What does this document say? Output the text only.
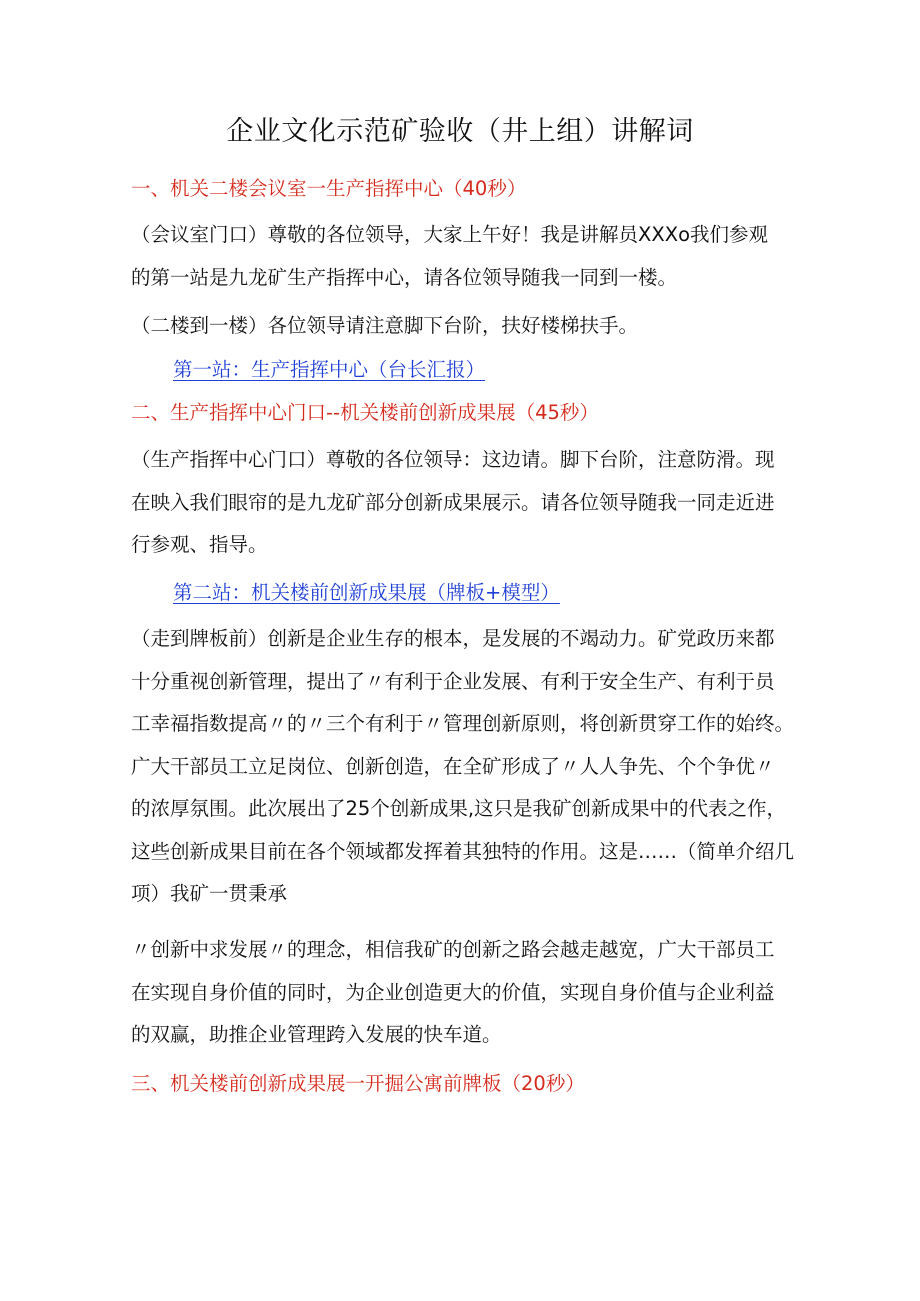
企业文化示范矿验收（井上组）讲解词
一、机关二楼会议室一生产指挥中心（40秒）
（会议室门口）尊敬的各位领导，大家上午好！我是讲解员XXXo我们参观
的第一站是九龙矿生产指挥中心，请各位领导随我一同到一楼。
（二楼到一楼）各位领导请注意脚下台阶，扶好楼梯扶手。
第一站：生产指挥中心（台长汇报）
二、生产指挥中心门口--机关楼前创新成果展（45秒）
（生产指挥中心门口）尊敬的各位领导：这边请。脚下台阶，注意防滑。现
在映入我们眼帘的是九龙矿部分创新成果展示。请各位领导随我一同走近进
行参观、指导。
第二站：机关楼前创新成果展（牌板+模型）
（走到牌板前）创新是企业生存的根本，是发展的不竭动力。矿党政历来都
十分重视创新管理，提出了〃有利于企业发展、有利于安全生产、有利于员
工幸福指数提高〃的〃三个有利于〃管理创新原则，将创新贯穿工作的始终。
广大干部员工立足岗位、创新创造，在全矿形成了〃人人争先、个个争优〃
的浓厚氛围。此次展出了25个创新成果,这只是我矿创新成果中的代表之作，
这些创新成果目前在各个领域都发挥着其独特的作用。这是……（简单介绍几
项）我矿一贯秉承
〃创新中求发展〃的理念，相信我矿的创新之路会越走越宽，广大干部员工
在实现自身价值的同时，为企业创造更大的价值，实现自身价值与企业利益
的双赢，助推企业管理跨入发展的快车道。
三、机关楼前创新成果展一开掘公寓前牌板（20秒）
